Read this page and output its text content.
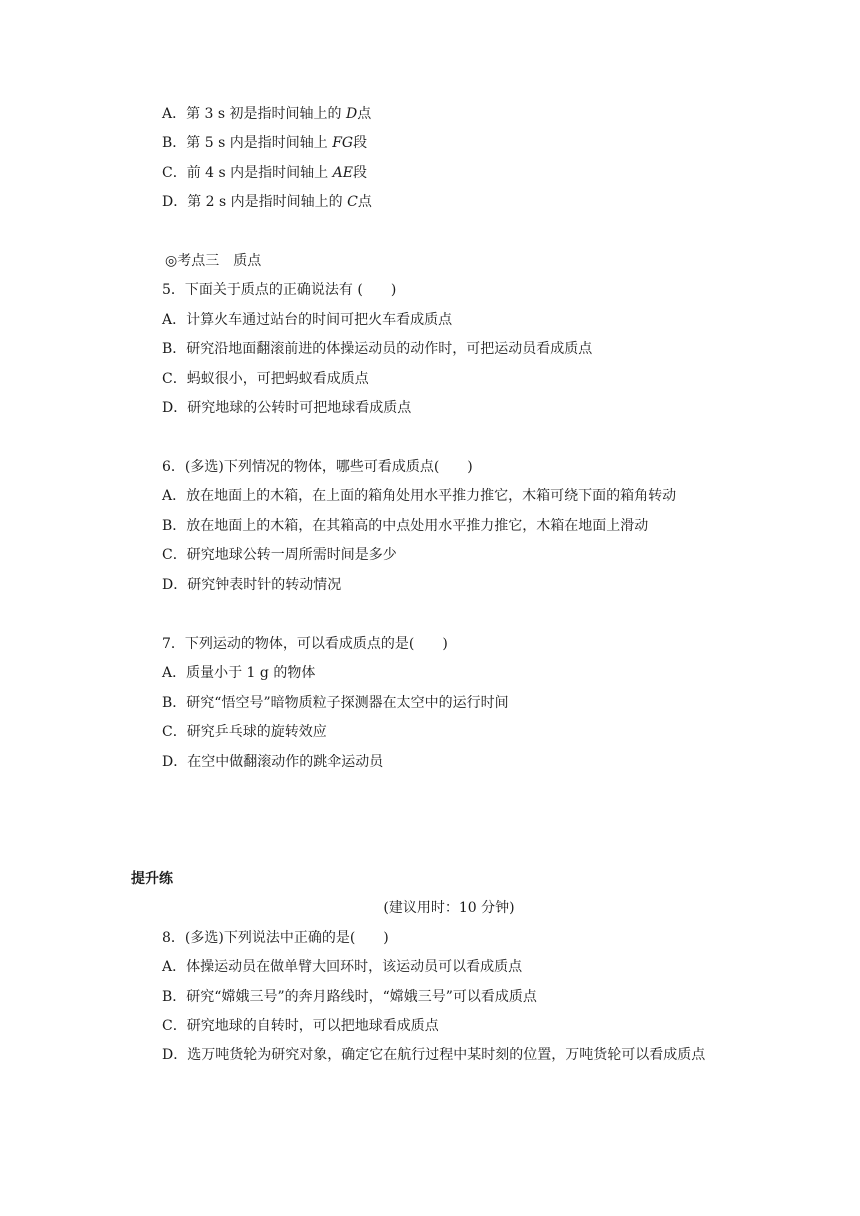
A．第 3 s 初是指时间轴上的 D点
B．第 5 s 内是指时间轴上 FG段
C．前 4 s 内是指时间轴上 AE段
D．第 2 s 内是指时间轴上的 C点
◎考点三　质点
5．下面关于质点的正确说法有 (　　)
A．计算火车通过站台的时间可把火车看成质点
B．研究沿地面翻滚前进的体操运动员的动作时，可把运动员看成质点
C．蚂蚁很小，可把蚂蚁看成质点
D．研究地球的公转时可把地球看成质点
6．(多选)下列情况的物体，哪些可看成质点(　　)
A．放在地面上的木箱，在上面的箱角处用水平推力推它，木箱可绕下面的箱角转动
B．放在地面上的木箱，在其箱高的中点处用水平推力推它，木箱在地面上滑动
C．研究地球公转一周所需时间是多少
D．研究钟表时针的转动情况
7．下列运动的物体，可以看成质点的是(　　)
A．质量小于 1 g 的物体
B．研究“悟空号”暗物质粒子探测器在太空中的运行时间
C．研究乒乓球的旋转效应
D．在空中做翻滚动作的跳伞运动员
提升练
(建议用时：10 分钟)
8．(多选)下列说法中正确的是(　　)
A．体操运动员在做单臂大回环时，该运动员可以看成质点
B．研究“嫦娥三号”的奔月路线时，“嫦娥三号”可以看成质点
C．研究地球的自转时，可以把地球看成质点
D．选万吨货轮为研究对象，确定它在航行过程中某时刻的位置，万吨货轮可以看成质点
